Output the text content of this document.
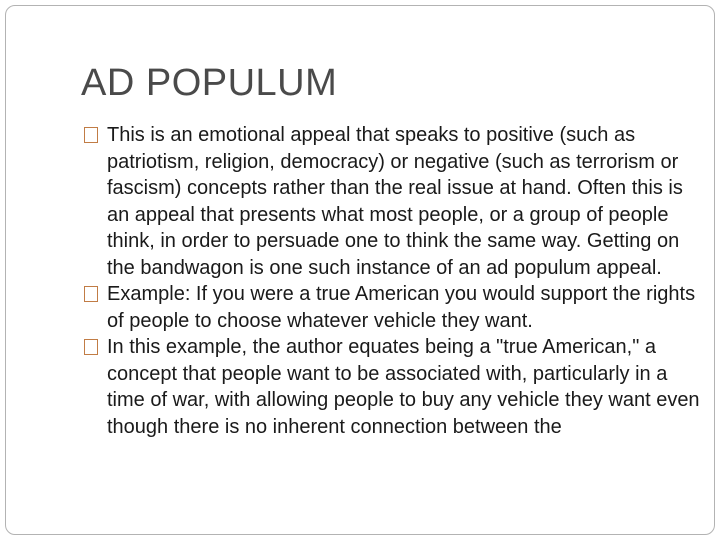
AD POPULUM
This is an emotional appeal that speaks to positive (such as patriotism, religion, democracy) or negative (such as terrorism or fascism) concepts rather than the real issue at hand. Often this is an appeal that presents what most people, or a group of people think, in order to persuade one to think the same way. Getting on the bandwagon is one such instance of an ad populum appeal.
Example: If you were a true American you would support the rights of people to choose whatever vehicle they want.
In this example, the author equates being a "true American," a concept that people want to be associated with, particularly in a time of war, with allowing people to buy any vehicle they want even though there is no inherent connection between the
